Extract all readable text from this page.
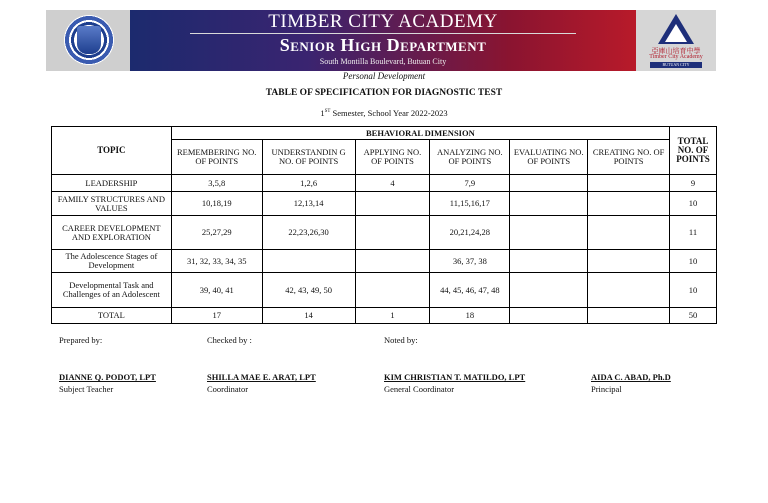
TIMBER CITY ACADEMY
Senior High Department
South Montilla Boulevard, Butuan City
亞庫山培育中學
Timber City Academy
BUTUAN CITY
Personal Development
TABLE OF SPECIFICATION FOR DIAGNOSTIC TEST
1ST Semester, School Year 2022-2023
TOPIC	BEHAVIORAL DIMENSION						TOTAL NO. OF POINTS
	REMEMBERING NO. OF POINTS	UNDERSTANDIN G NO. OF POINTS	APPLYING NO. OF POINTS	ANALYZING NO. OF POINTS	EVALUATING NO. OF POINTS	CREATING NO. OF POINTS	
LEADERSHIP	3,5,8	1,2,6	4	7,9			9
FAMILY STRUCTURES AND VALUES	10,18,19	12,13,14		11,15,16,17			10
CAREER DEVELOPMENT AND EXPLORATION	25,27,29	22,23,26,30		20,21,24,28			11
The Adolescence Stages of Development	31, 32, 33, 34, 35			36, 37, 38			10
Developmental Task and Challenges of an Adolescent	39, 40, 41	42, 43, 49, 50		44, 45, 46, 47, 48			10
TOTAL	17	14	1	18			50
Prepared by:	Checked by :	Noted by:
DIANNE Q. PODOT, LPT
Subject Teacher
SHILLA MAE E. ARAT, LPT
Coordinator
KIM CHRISTIAN T. MATILDO, LPT
General Coordinator
AIDA C. ABAD, Ph.D
Principal
